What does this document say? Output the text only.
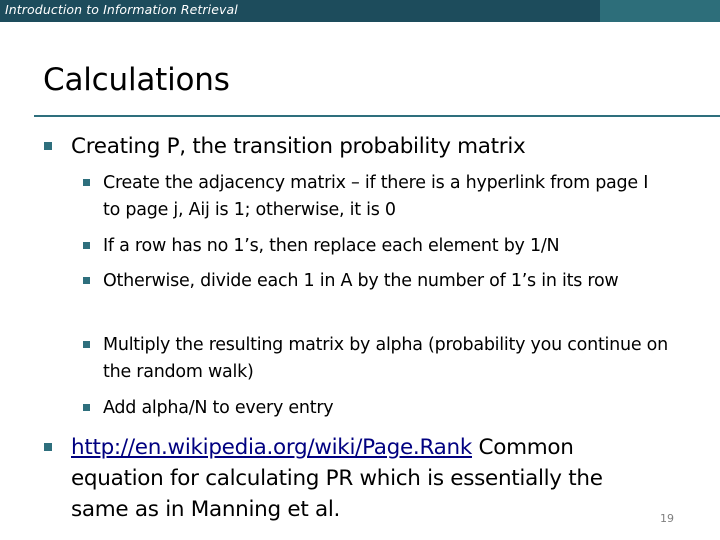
Introduction to Information Retrieval
Calculations
Creating P, the transition probability matrix
Create the adjacency matrix – if there is a hyperlink from page I to page j, Aij is 1; otherwise, it is 0
If a row has no 1’s, then replace each element by 1/N
Otherwise, divide each 1 in A by the number of 1’s in its row
Multiply the resulting matrix by alpha (probability you continue on the random walk)
Add alpha/N to every entry
http://en.wikipedia.org/wiki/Page.Rank Common equation for calculating PR which is essentially the same as in Manning et al.	19
